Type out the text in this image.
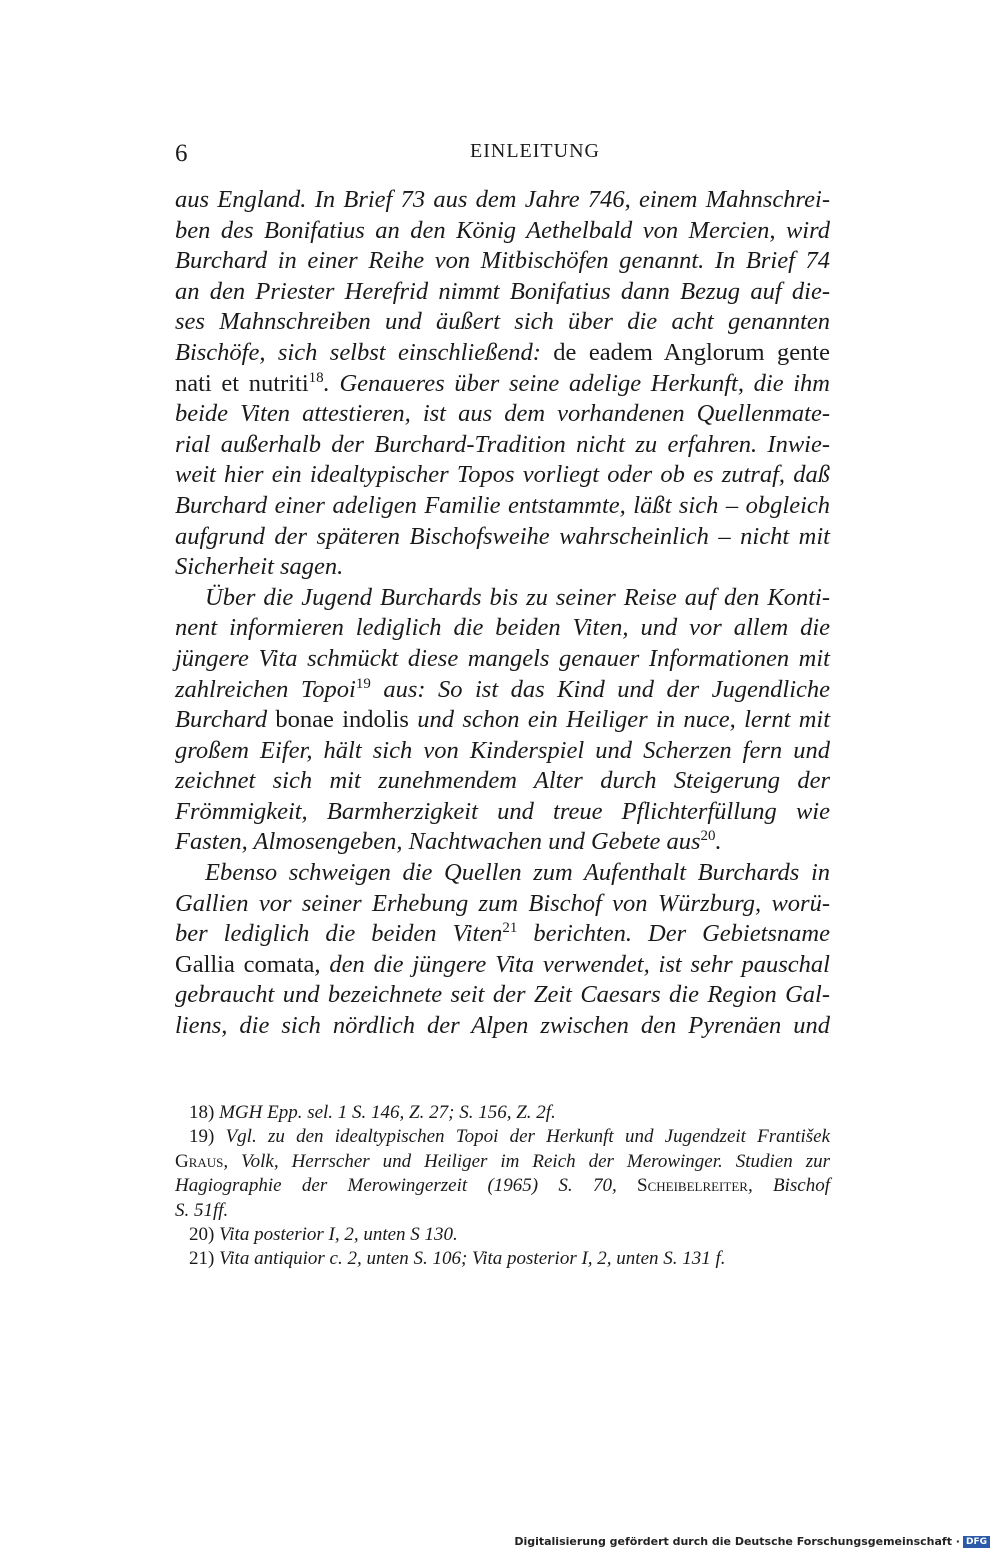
6	EINLEITUNG
aus England. In Brief 73 aus dem Jahre 746, einem Mahnschrei-
ben des Bonifatius an den König Aethelbald von Mercien, wird
Burchard in einer Reihe von Mitbischöfen genannt. In Brief 74
an den Priester Herefrid nimmt Bonifatius dann Bezug auf die-
ses Mahnschreiben und äußert sich über die acht genannten
Bischöfe, sich selbst einschließend: de eadem Anglorum gente
nati et nutriti$^{18}$. Genaueres über seine adelige Herkunft, die ihm
beide Viten attestieren, ist aus dem vorhandenen Quellenmate-
rial außerhalb der Burchard-Tradition nicht zu erfahren. Inwie-
weit hier ein idealtypischer Topos vorliegt oder ob es zutraf, daß
Burchard einer adeligen Familie entstammte, läßt sich – obgleich
aufgrund der späteren Bischofsweihe wahrscheinlich – nicht mit
Sicherheit sagen.
Über die Jugend Burchards bis zu seiner Reise auf den Konti-
nent informieren lediglich die beiden Viten, und vor allem die
jüngere Vita schmückt diese mangels genauer Informationen mit
zahlreichen Topoi$^{19}$ aus: So ist das Kind und der Jugendliche
Burchard bonae indolis und schon ein Heiliger in nuce, lernt mit
großem Eifer, hält sich von Kinderspiel und Scherzen fern und
zeichnet sich mit zunehmendem Alter durch Steigerung der
Frömmigkeit, Barmherzigkeit und treue Pflichterfüllung wie
Fasten, Almosengeben, Nachtwachen und Gebete aus$^{20}$.
Ebenso schweigen die Quellen zum Aufenthalt Burchards in
Gallien vor seiner Erhebung zum Bischof von Würzburg, worü-
ber lediglich die beiden Viten$^{21}$ berichten. Der Gebietsname
Gallia comata, den die jüngere Vita verwendet, ist sehr pauschal
gebraucht und bezeichnete seit der Zeit Caesars die Region Gal-
liens, die sich nördlich der Alpen zwischen den Pyrenäen und
18) MGH Epp. sel. 1 S. 146, Z. 27; S. 156, Z. 2f.
19) Vgl. zu den idealtypischen Topoi der Herkunft und Jugendzeit František
Graus, Volk, Herrscher und Heiliger im Reich der Merowinger. Studien zur
Hagiographie der Merowingerzeit (1965) S. 70, Scheibelreiter, Bischof
S. 51ff.
20) Vita posterior I, 2, unten S 130.
21) Vita antiquior c. 2, unten S. 106; Vita posterior I, 2, unten S. 131 f.
Digitalisierung gefördert durch die Deutsche Forschungsgemeinschaft · DFG
